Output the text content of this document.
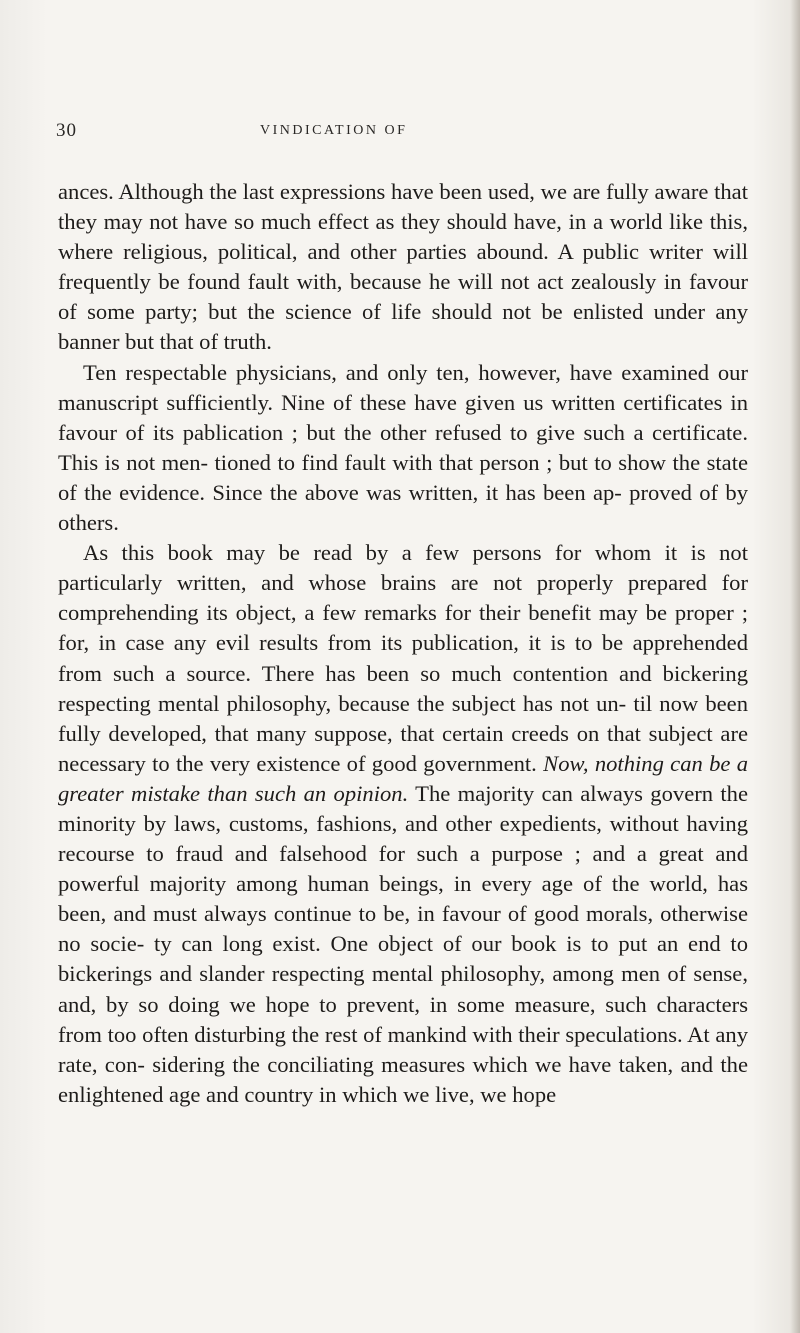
30	VINDICATION OF

ances. Although the last expressions have been used, we are fully aware that they may not have so much effect as they should have, in a world like this, where religious, political, and other parties abound. A public writer will frequently be found fault with, because he will not act zealously in favour of some party; but the science of life should not be enlisted under any banner but that of truth.

Ten respectable physicians, and only ten, however, have examined our manuscript sufficiently. Nine of these have given us written certificates in favour of its pablication ; but the other refused to give such a certificate. This is not men- tioned to find fault with that person ; but to show the state of the evidence. Since the above was written, it has been ap- proved of by others.

As this book may be read by a few persons for whom it is not particularly written, and whose brains are not properly prepared for comprehending its object, a few remarks for their benefit may be proper ; for, in case any evil results from its publication, it is to be apprehended from such a source. There has been so much contention and bickering respecting mental philosophy, because the subject has not un- til now been fully developed, that many suppose, that certain creeds on that subject are necessary to the very existence of good government. Now, nothing can be a greater mistake than such an opinion. The majority can always govern the minority by laws, customs, fashions, and other expedients, without having recourse to fraud and falsehood for such a purpose ; and a great and powerful majority among human beings, in every age of the world, has been, and must always continue to be, in favour of good morals, otherwise no socie- ty can long exist. One object of our book is to put an end to bickerings and slander respecting mental philosophy, among men of sense, and, by so doing we hope to prevent, in some measure, such characters from too often disturbing the rest of mankind with their speculations. At any rate, con- sidering the conciliating measures which we have taken, and the enlightened age and country in which we live, we hope
